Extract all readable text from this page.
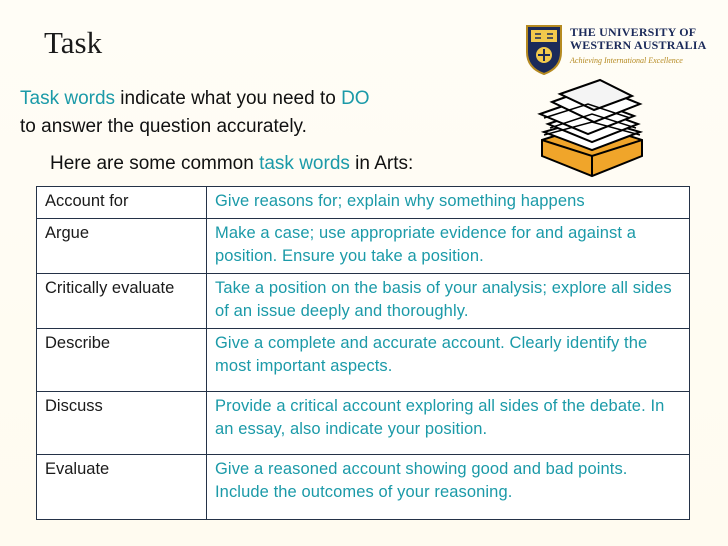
Task	THE UNIVERSITY OF
WESTERN AUSTRALIA
Achieving International Excellence
Task words indicate what you need to DO
to answer the question accurately.
Here are some common task words in Arts:
Account for	Give reasons for; explain why something happens
Argue	Make a case; use appropriate evidence for and against a position. Ensure you take a position.
Critically evaluate	Take a position on the basis of your analysis; explore all sides of an issue deeply and thoroughly.
Describe	Give a complete and accurate account. Clearly identify the most important aspects.
Discuss	Provide a critical account exploring all sides of the debate. In an essay, also indicate your position.
Evaluate	Give a reasoned account showing good and bad points. Include the outcomes of your reasoning.
